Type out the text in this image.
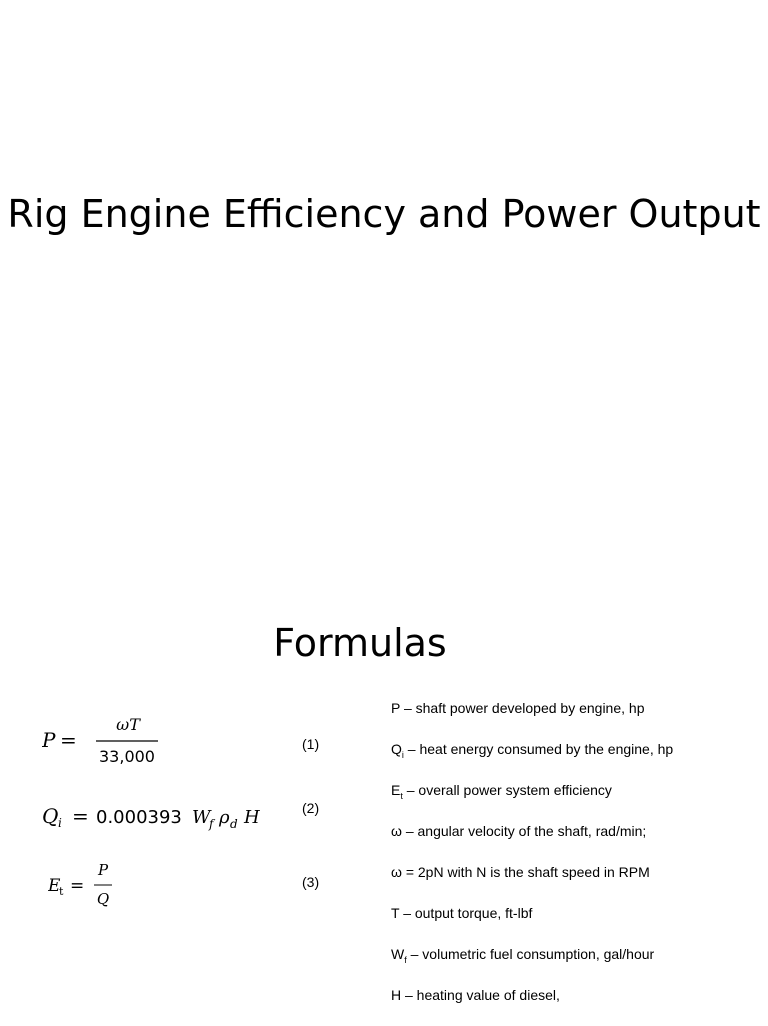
Rig Engine Efficiency and Power Output
Formulas
P =
ωT
33,000
(1)
Q i = 0.000393 W
f ρ d H	(2)
E
t =
P
Q
(3)
P – shaft power developed by engine, hp
$Q_i$ – heat energy consumed by the engine, hp
$E_t$ – overall power system efficiency
ω – angular velocity of the shaft, rad/min;
ω = 2pN with N is the shaft speed in RPM
T – output torque, ft-lbf
$W_f$ – volumetric fuel consumption, gal/hour
H – heating value of diesel,
